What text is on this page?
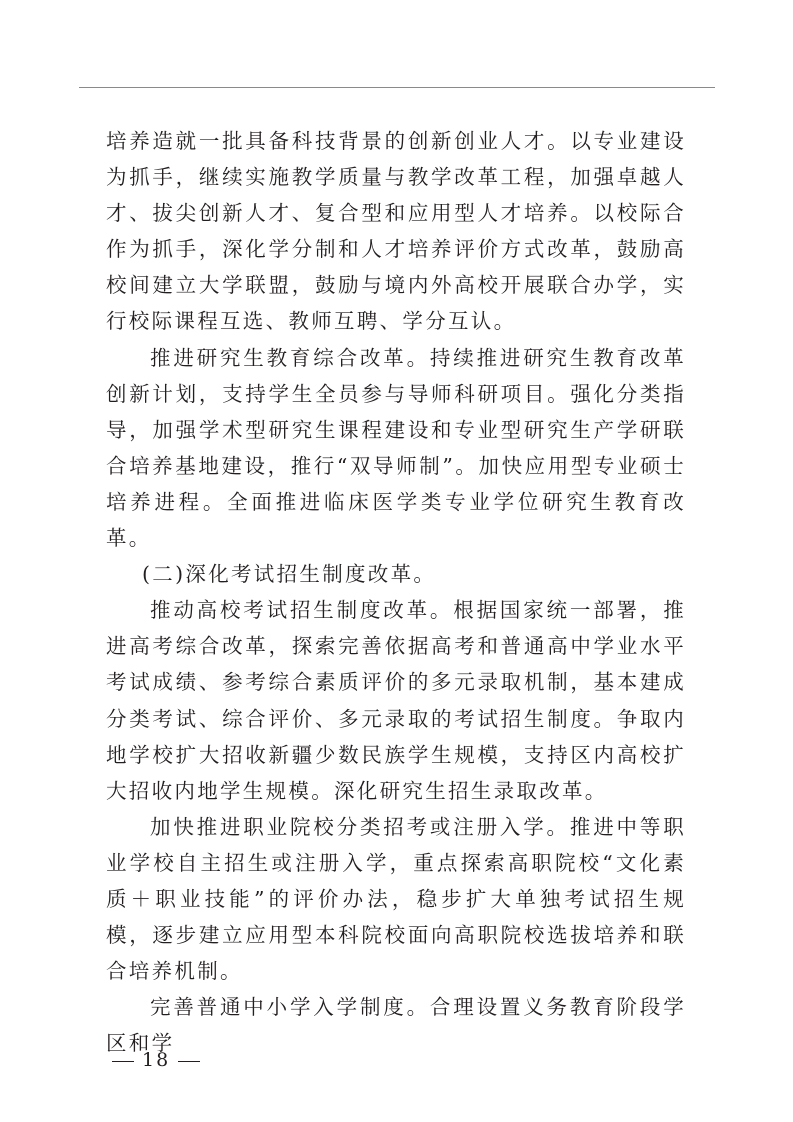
培养造就一批具备科技背景的创新创业人才。以专业建设为抓手，继续实施教学质量与教学改革工程，加强卓越人才、拔尖创新人才、复合型和应用型人才培养。以校际合作为抓手，深化学分制和人才培养评价方式改革，鼓励高校间建立大学联盟，鼓励与境内外高校开展联合办学，实行校际课程互选、教师互聘、学分互认。

推进研究生教育综合改革。持续推进研究生教育改革创新计划，支持学生全员参与导师科研项目。强化分类指导，加强学术型研究生课程建设和专业型研究生产学研联合培养基地建设，推行“双导师制”。加快应用型专业硕士培养进程。全面推进临床医学类专业学位研究生教育改革。

(二)深化考试招生制度改革。

推动高校考试招生制度改革。根据国家统一部署，推进高考综合改革，探索完善依据高考和普通高中学业水平考试成绩、参考综合素质评价的多元录取机制，基本建成分类考试、综合评价、多元录取的考试招生制度。争取内地学校扩大招收新疆少数民族学生规模，支持区内高校扩大招收内地学生规模。深化研究生招生录取改革。

加快推进职业院校分类招考或注册入学。推进中等职业学校自主招生或注册入学，重点探索高职院校“文化素质＋职业技能”的评价办法，稳步扩大单独考试招生规模，逐步建立应用型本科院校面向高职院校选拔培养和联合培养机制。

完善普通中小学入学制度。合理设置义务教育阶段学区和学

18
